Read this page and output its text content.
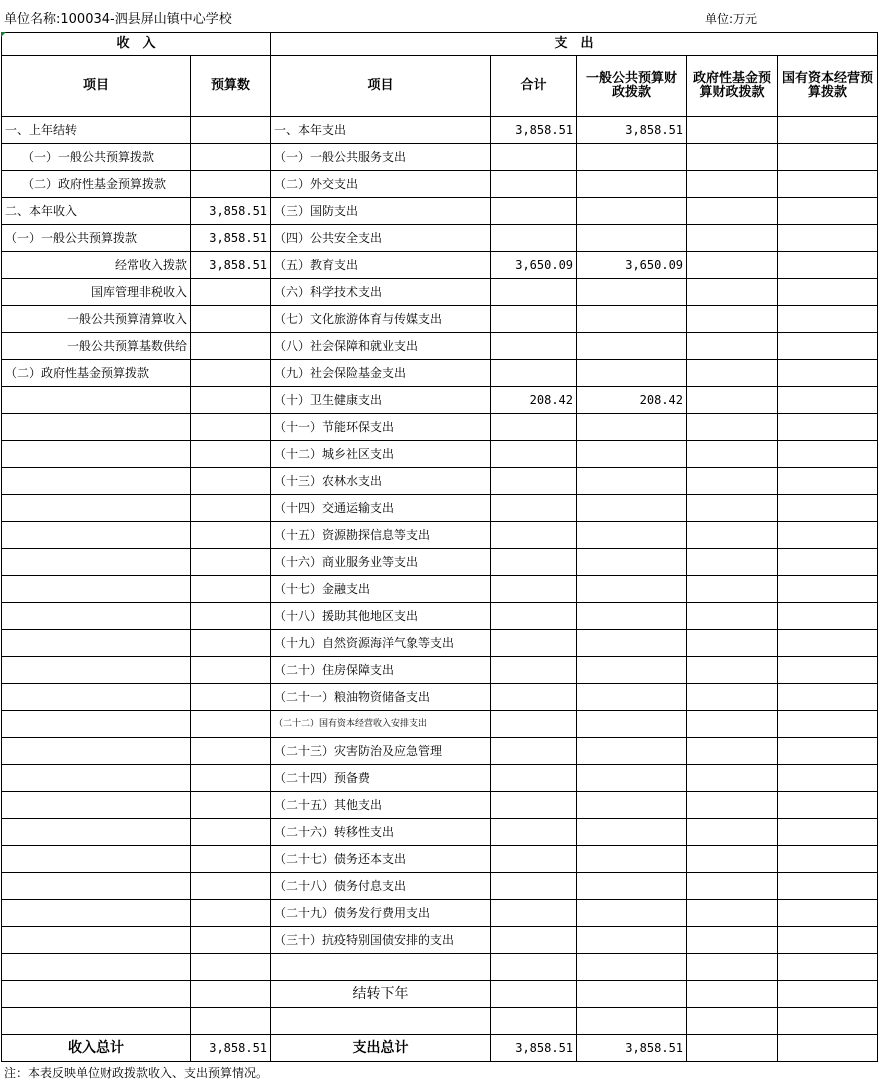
单位名称:100034-泗县屏山镇中心学校	单位:万元
收　入		支　出				
项目	预算数	项目	合计	一般公共预算财政拨款	政府性基金预算财政拨款	国有资本经营预算拨款
一、上年结转		一、本年支出	3,858.51	3,858.51		
（一）一般公共预算拨款		（一）一般公共服务支出				
（二）政府性基金预算拨款		（二）外交支出				
二、本年收入	3,858.51	（三）国防支出				
（一）一般公共预算拨款	3,858.51	（四）公共安全支出				
经常收入拨款	3,858.51	（五）教育支出	3,650.09	3,650.09		
国库管理非税收入		（六）科学技术支出				
一般公共预算清算收入		（七）文化旅游体育与传媒支出				
一般公共预算基数供给		（八）社会保障和就业支出				
（二）政府性基金预算拨款		（九）社会保险基金支出				
		（十）卫生健康支出	208.42	208.42		
		（十一）节能环保支出				
		（十二）城乡社区支出				
		（十三）农林水支出				
		（十四）交通运输支出				
		（十五）资源勘探信息等支出				
		（十六）商业服务业等支出				
		（十七）金融支出				
		（十八）援助其他地区支出				
		（十九）自然资源海洋气象等支出				
		（二十）住房保障支出				
		（二十一）粮油物资储备支出				
		（二十二）国有资本经营收入安排支出				
		（二十三）灾害防治及应急管理				
		（二十四）预备费				
		（二十五）其他支出				
		（二十六）转移性支出				
		（二十七）债务还本支出				
		（二十八）债务付息支出				
		（二十九）债务发行费用支出				
		（三十）抗疫特别国债安排的支出				

		结转下年				

收入总计	3,858.51	支出总计	3,858.51	3,858.51		
注：本表反映单位财政拨款收入、支出预算情况。
